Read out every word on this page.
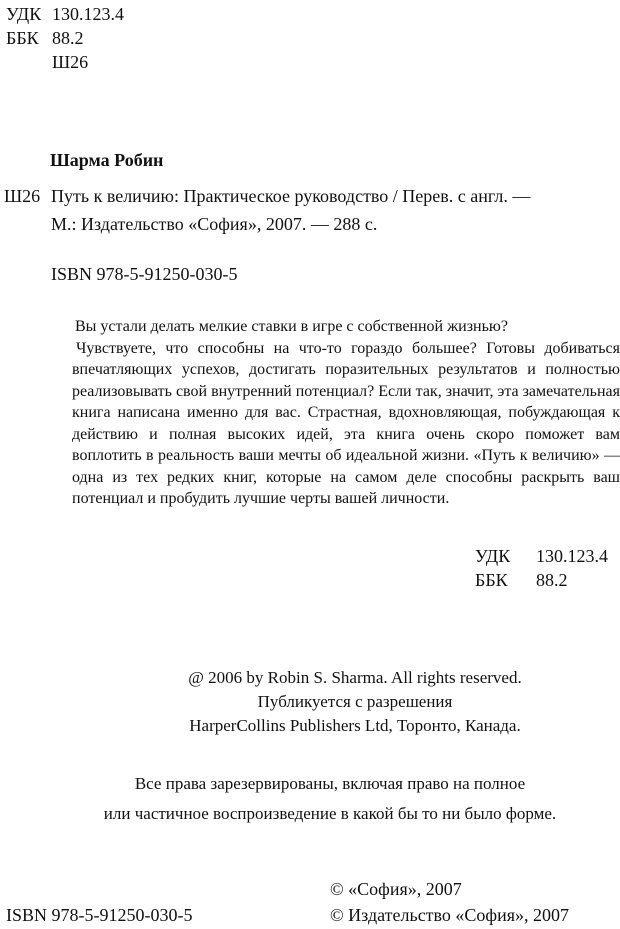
УДК 130.123.4
ББК 88.2
Ш26
Шарма Робин
Ш26 Путь к величию: Практическое руководство / Перев. с англ. —
М.: Издательство «София», 2007. — 288 с.
ISBN 978-5-91250-030-5

Вы устали делать мелкие ставки в игре с собственной жизнью?

Чувствуете, что способны на что-то гораздо большее? Готовы добиваться впечатляющих успехов, достигать поразительных результатов и полностью реализовывать свой внутренний потенциал? Если так, значит, эта замечательная книга написана именно для вас. Страстная, вдохновляющая, побуждающая к действию и полная высоких идей, эта книга очень скоро поможет вам воплотить в реальность ваши мечты об идеальной жизни. «Путь к величию» — одна из тех редких книг, которые на самом деле способны раскрыть ваш потенциал и пробудить лучшие черты вашей личности.

УДК 130.123.4
ББК 88.2
@ 2006 by Robin S. Sharma. All rights reserved.
Публикуется с разрешения
HarperCollins Publishers Ltd, Торонто, Канада.
Все права зарезервированы, включая право на полное
или частичное воспроизведение в какой бы то ни было форме.
© «София», 2007
ISBN 978-5-91250-030-5	© Издательство «София», 2007
